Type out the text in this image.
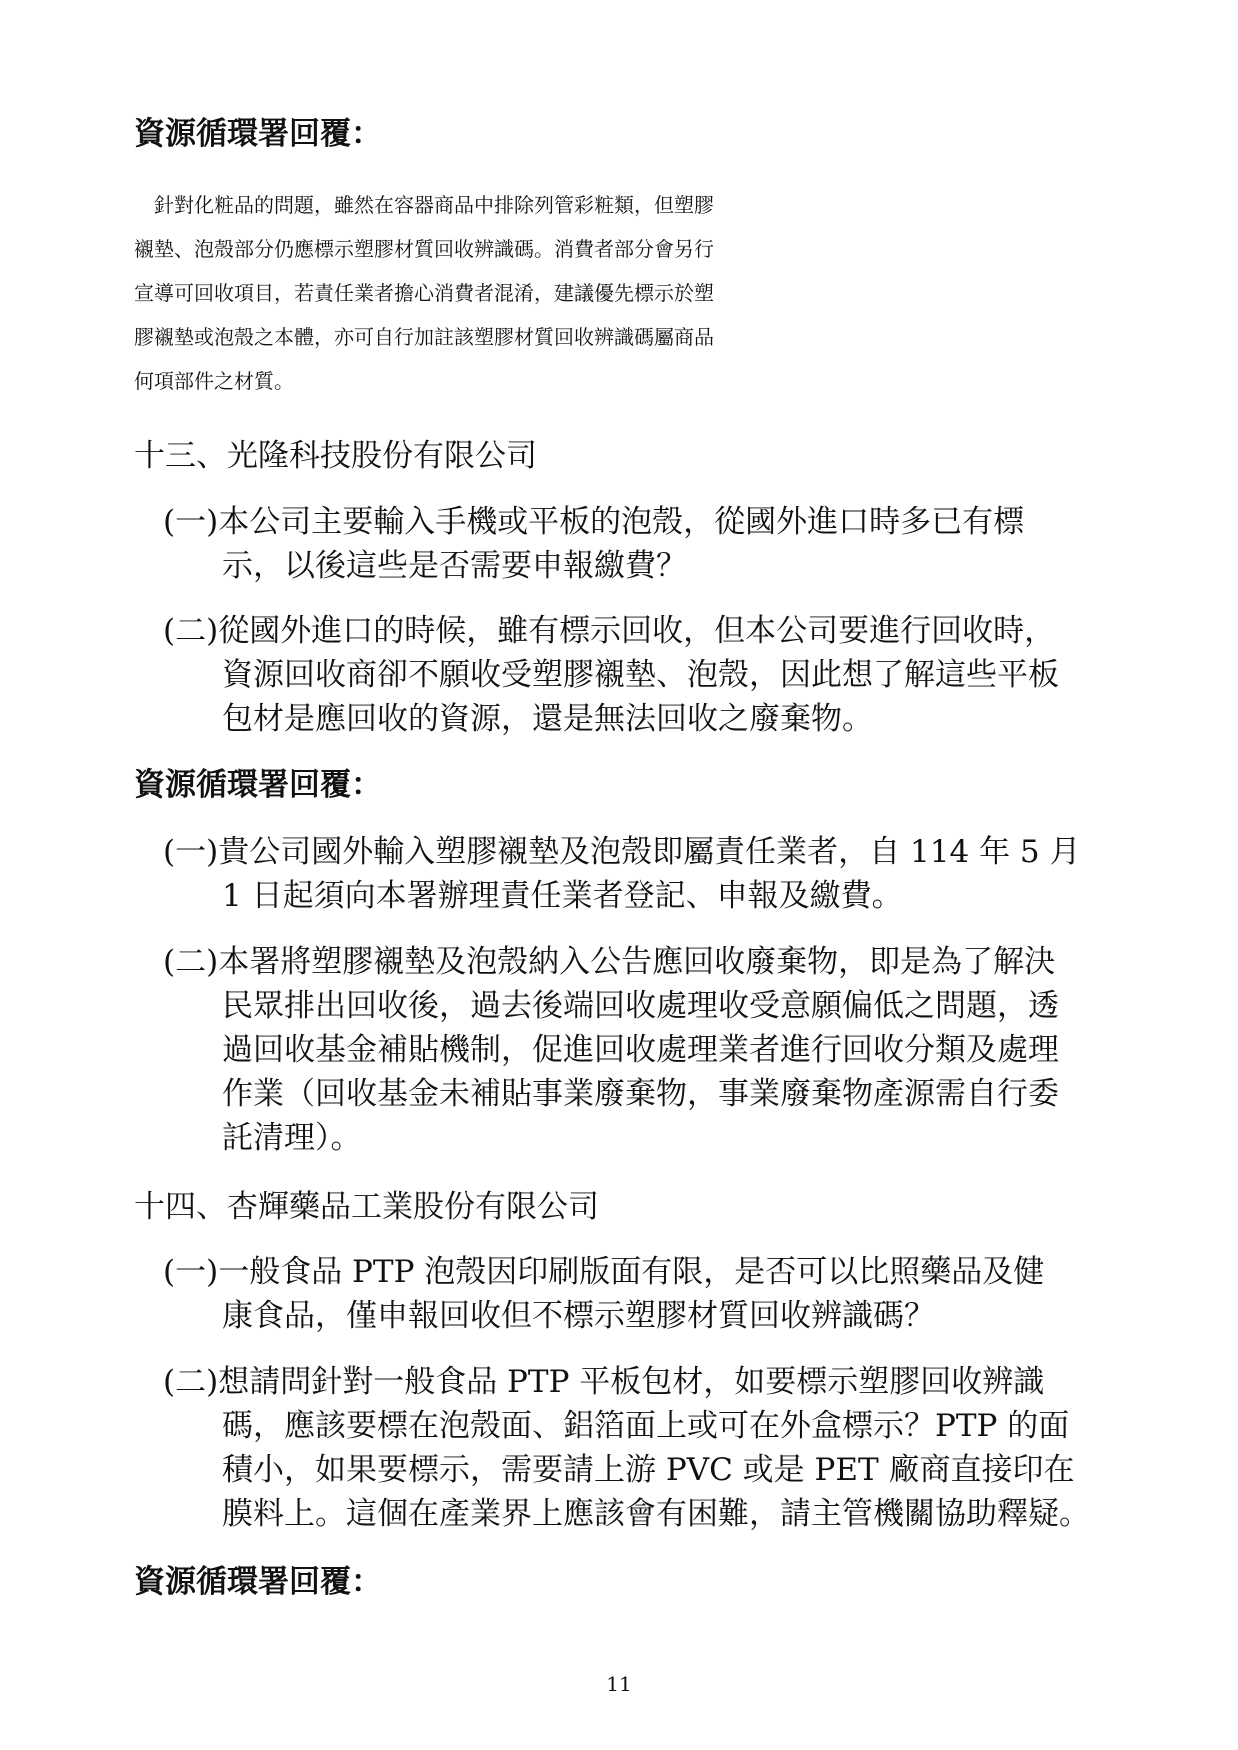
資源循環署回覆：
　針對化粧品的問題，雖然在容器商品中排除列管彩粧類，但塑膠
襯墊、泡殼部分仍應標示塑膠材質回收辨識碼。消費者部分會另行
宣導可回收項目，若責任業者擔心消費者混淆，建議優先標示於塑
膠襯墊或泡殼之本體，亦可自行加註該塑膠材質回收辨識碼屬商品
何項部件之材質。
十三、光隆科技股份有限公司
(一)本公司主要輸入手機或平板的泡殼，從國外進口時多已有標
示，以後這些是否需要申報繳費？
(二)從國外進口的時候，雖有標示回收，但本公司要進行回收時，
資源回收商卻不願收受塑膠襯墊、泡殼，因此想了解這些平板
包材是應回收的資源，還是無法回收之廢棄物。
資源循環署回覆：
(一)貴公司國外輸入塑膠襯墊及泡殼即屬責任業者，自 114 年 5 月
1 日起須向本署辦理責任業者登記、申報及繳費。
(二)本署將塑膠襯墊及泡殼納入公告應回收廢棄物，即是為了解決
民眾排出回收後，過去後端回收處理收受意願偏低之問題，透
過回收基金補貼機制，促進回收處理業者進行回收分類及處理
作業（回收基金未補貼事業廢棄物，事業廢棄物產源需自行委
託清理）。
十四、杏輝藥品工業股份有限公司
(一)一般食品 PTP 泡殼因印刷版面有限，是否可以比照藥品及健
康食品，僅申報回收但不標示塑膠材質回收辨識碼？
(二)想請問針對一般食品 PTP 平板包材，如要標示塑膠回收辨識
碼，應該要標在泡殼面、鋁箔面上或可在外盒標示？PTP 的面
積小，如果要標示，需要請上游 PVC 或是 PET 廠商直接印在
膜料上。這個在產業界上應該會有困難，請主管機關協助釋疑。
資源循環署回覆：
11
